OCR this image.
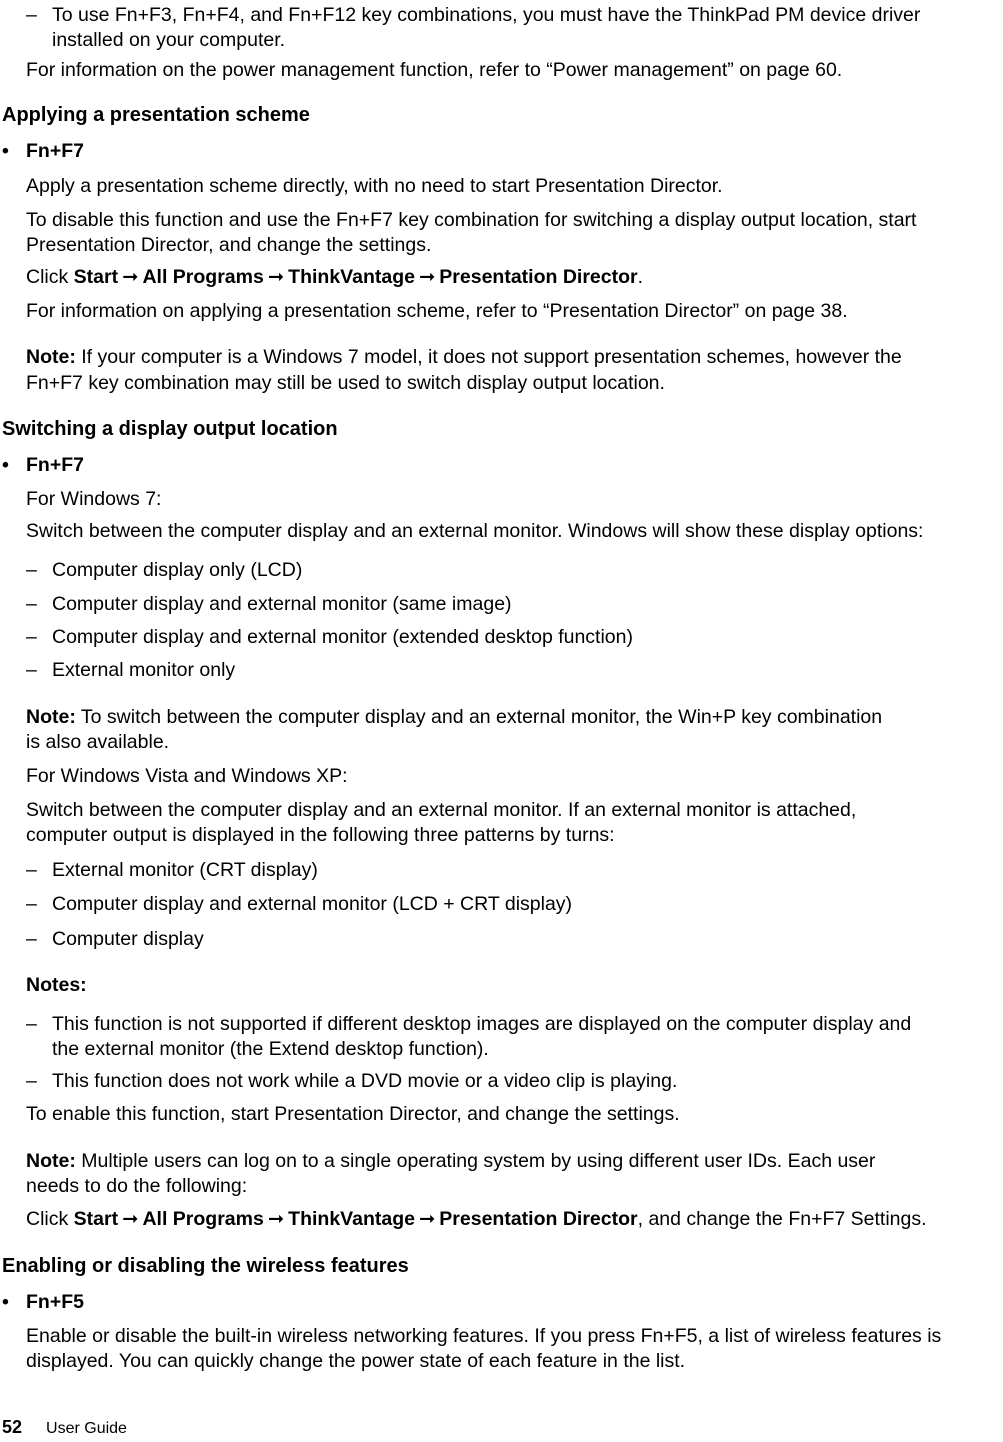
– To use Fn+F3, Fn+F4, and Fn+F12 key combinations, you must have the ThinkPad PM device driver
installed on your computer.
For information on the power management function, refer to “Power management” on page 60.
Applying a presentation scheme
• Fn+F7
Apply a presentation scheme directly, with no need to start Presentation Director.
To disable this function and use the Fn+F7 key combination for switching a display output location, start
Presentation Director, and change the settings.
Click Start ➞ All Programs ➞ ThinkVantage ➞ Presentation Director.
For information on applying a presentation scheme, refer to “Presentation Director” on page 38.
Note: If your computer is a Windows 7 model, it does not support presentation schemes, however the
Fn+F7 key combination may still be used to switch display output location.
Switching a display output location
• Fn+F7
For Windows 7:
Switch between the computer display and an external monitor. Windows will show these display options:
– Computer display only (LCD)
– Computer display and external monitor (same image)
– Computer display and external monitor (extended desktop function)
– External monitor only
Note: To switch between the computer display and an external monitor, the Win+P key combination
is also available.
For Windows Vista and Windows XP:
Switch between the computer display and an external monitor. If an external monitor is attached,
computer output is displayed in the following three patterns by turns:
– External monitor (CRT display)
– Computer display and external monitor (LCD + CRT display)
– Computer display
Notes:
– This function is not supported if different desktop images are displayed on the computer display and
the external monitor (the Extend desktop function).
– This function does not work while a DVD movie or a video clip is playing.
To enable this function, start Presentation Director, and change the settings.
Note: Multiple users can log on to a single operating system by using different user IDs. Each user
needs to do the following:
Click Start ➞ All Programs ➞ ThinkVantage ➞ Presentation Director, and change the Fn+F7 Settings.
Enabling or disabling the wireless features
• Fn+F5
Enable or disable the built-in wireless networking features. If you press Fn+F5, a list of wireless features is
displayed. You can quickly change the power state of each feature in the list.
52 User Guide
